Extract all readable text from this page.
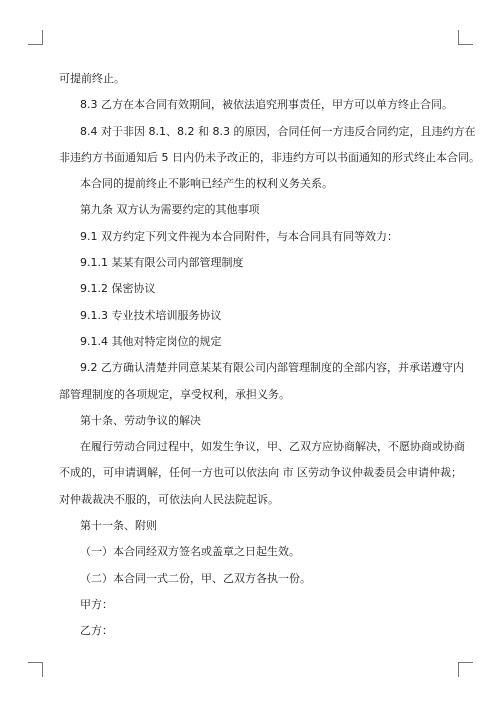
可提前终止。

8.3 乙方在本合同有效期间，被依法追究刑事责任，甲方可以单方终止合同。

8.4 对于非因 8.1、8.2 和 8.3 的原因，合同任何一方违反合同约定，且违约方在

非违约方书面通知后 5 日内仍未予改正的，非违约方可以书面通知的形式终止本合同。

本合同的提前终止不影响已经产生的权利义务关系。

第九条 双方认为需要约定的其他事项

9.1 双方约定下列文件视为本合同附件，与本合同具有同等效力：

9.1.1 某某有限公司内部管理制度

9.1.2 保密协议

9.1.3 专业技术培训服务协议

9.1.4 其他对特定岗位的规定

9.2 乙方确认清楚并同意某某有限公司内部管理制度的全部内容，并承诺遵守内

部管理制度的各项规定，享受权利，承担义务。

第十条、劳动争议的解决

在履行劳动合同过程中，如发生争议，甲、乙双方应协商解决，不愿协商或协商

不成的，可申请调解，任何一方也可以依法向 市 区劳动争议仲裁委员会申请仲裁；

对仲裁裁决不服的，可依法向人民法院起诉。

第十一条、附则

（一）本合同经双方签名或盖章之日起生效。

（二）本合同一式二份，甲、乙双方各执一份。

甲方：

乙方：
